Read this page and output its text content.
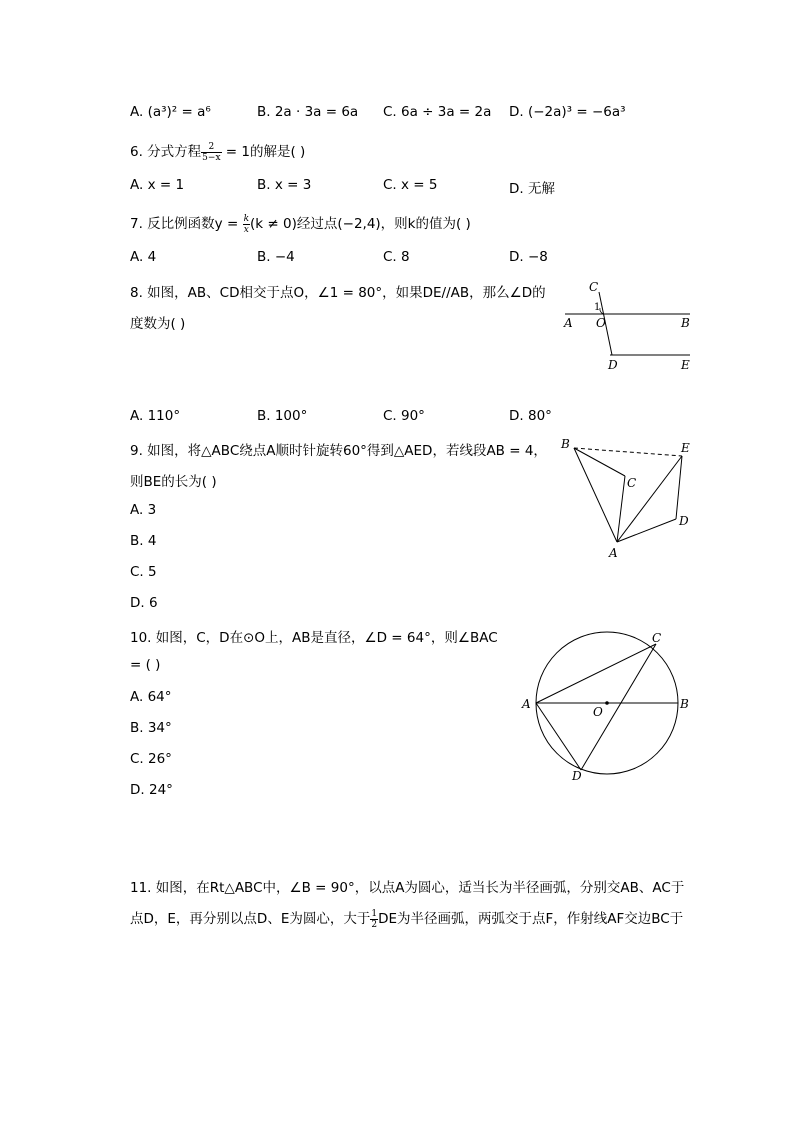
A. (a³)² = a⁶	B. 2a · 3a = 6a C. 6a ÷ 3a = 2a D. (−2a)³ = −6a³
6. 分式方程 $\frac{2}{5-x} = 1$的解是( )
A. x = 1	B. x = 3	C. x = 5	D. 无解
7. 反比例函数$y = \frac{k}{x} (k \ne 0)$经过点(−2,4)，则k的值为( )
A. 4	B. −4	C. 8	D. −8
8. 如图，AB、CD相交于点O，∠1 = 80°，如果DE//AB，那么∠D的
度数为( )
C
1
A O	B
D	E
A. 110°	B. 100°	C. 90°	D. 80°
9. 如图，将△ABC绕点A顺时针旋转60°得到△AED，若线段AB = 4，
则BE的长为( )
B	E
C
D
A
A. 3
B. 4
C. 5
D. 6
10. 如图，C，D在⊙O上，AB是直径，∠D = 64°，则∠BAC
= ( )
A
O
B
C
D
A. 64°
B. 34°
C. 26°
D. 24°
11. 如图，在Rt△ABC中，∠B = 90°，以点A为圆心，适当长为半径画弧，分别交AB、AC于
点D，E，再分别以点D、E为圆心，大于 $\frac{1}{2}$ DE为半径画弧，两弧交于点F，作射线AF交边BC于
